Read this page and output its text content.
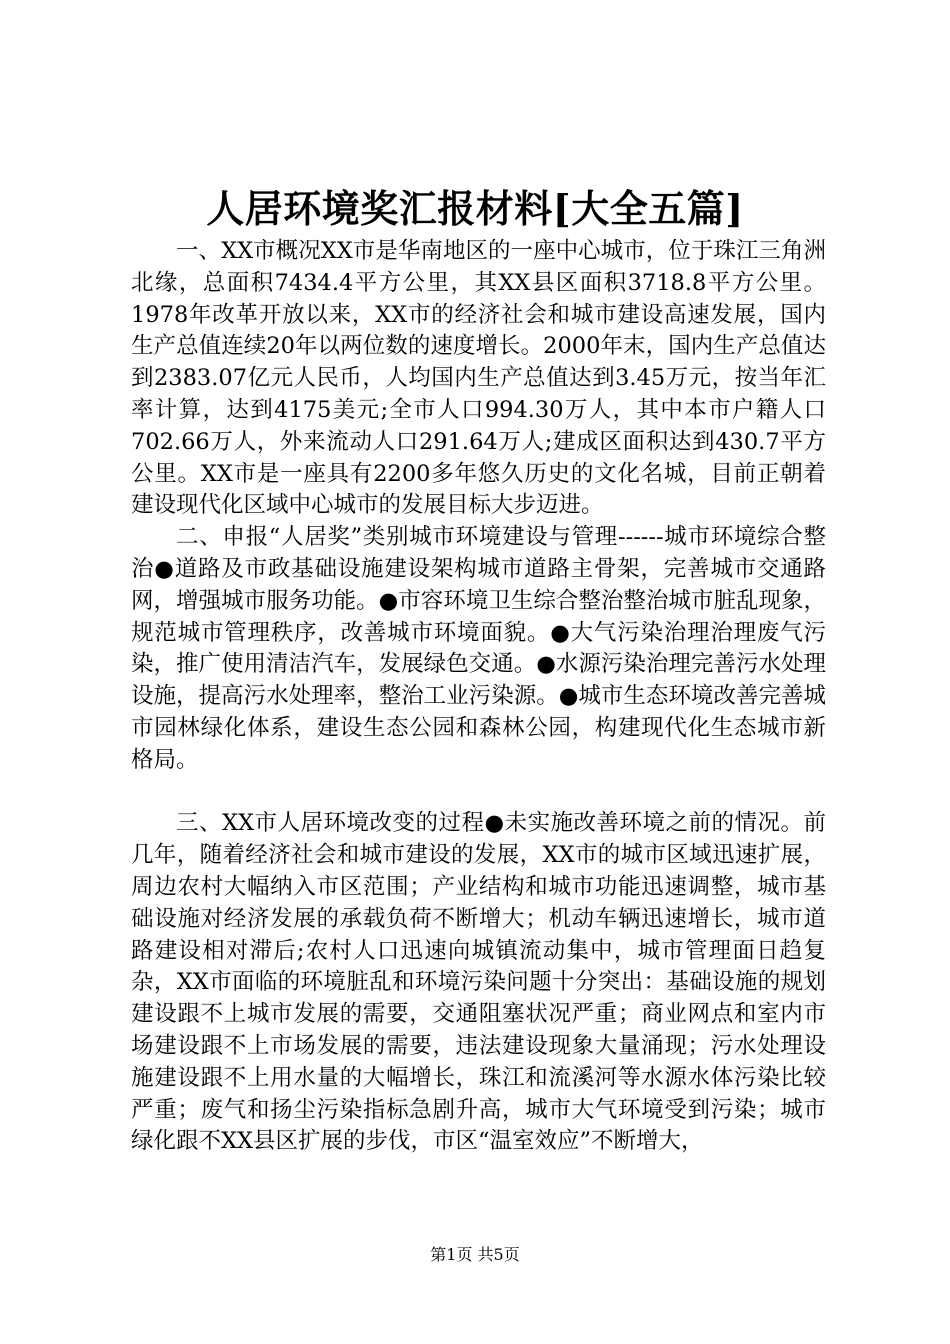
人居环境奖汇报材料[大全五篇]

一、XX市概况XX市是华南地区的一座中心城市，位于珠江三角洲北缘，总面积7434.4平方公里，其XX县区面积3718.8平方公里。1978年改革开放以来，XX市的经济社会和城市建设高速发展，国内生产总值连续20年以两位数的速度增长。2000年末，国内生产总值达到2383.07亿元人民币，人均国内生产总值达到3.45万元，按当年汇率计算，达到4175美元;全市人口994.30万人，其中本市户籍人口702.66万人，外来流动人口291.64万人;建成区面积达到430.7平方公里。XX市是一座具有2200多年悠久历史的文化名城，目前正朝着建设现代化区域中心城市的发展目标大步迈进。

二、申报“人居奖”类别城市环境建设与管理------城市环境综合整治●道路及市政基础设施建设架构城市道路主骨架，完善城市交通路网，增强城市服务功能。●市容环境卫生综合整治整治城市脏乱现象，规范城市管理秩序，改善城市环境面貌。●大气污染治理治理废气污染，推广使用清洁汽车，发展绿色交通。●水源污染治理完善污水处理设施，提高污水处理率，整治工业污染源。●城市生态环境改善完善城市园林绿化体系，建设生态公园和森林公园，构建现代化生态城市新格局。

三、XX市人居环境改变的过程●未实施改善环境之前的情况。前几年，随着经济社会和城市建设的发展，XX市的城市区域迅速扩展，周边农村大幅纳入市区范围；产业结构和城市功能迅速调整，城市基础设施对经济发展的承载负荷不断增大；机动车辆迅速增长，城市道路建设相对滞后;农村人口迅速向城镇流动集中，城市管理面日趋复杂，XX市面临的环境脏乱和环境污染问题十分突出：基础设施的规划建设跟不上城市发展的需要，交通阻塞状况严重；商业网点和室内市场建设跟不上市场发展的需要，违法建设现象大量涌现；污水处理设施建设跟不上用水量的大幅增长，珠江和流溪河等水源水体污染比较严重；废气和扬尘污染指标急剧升高，城市大气环境受到污染；城市绿化跟不XX县区扩展的步伐，市区“温室效应”不断增大，

第1页 共5页
